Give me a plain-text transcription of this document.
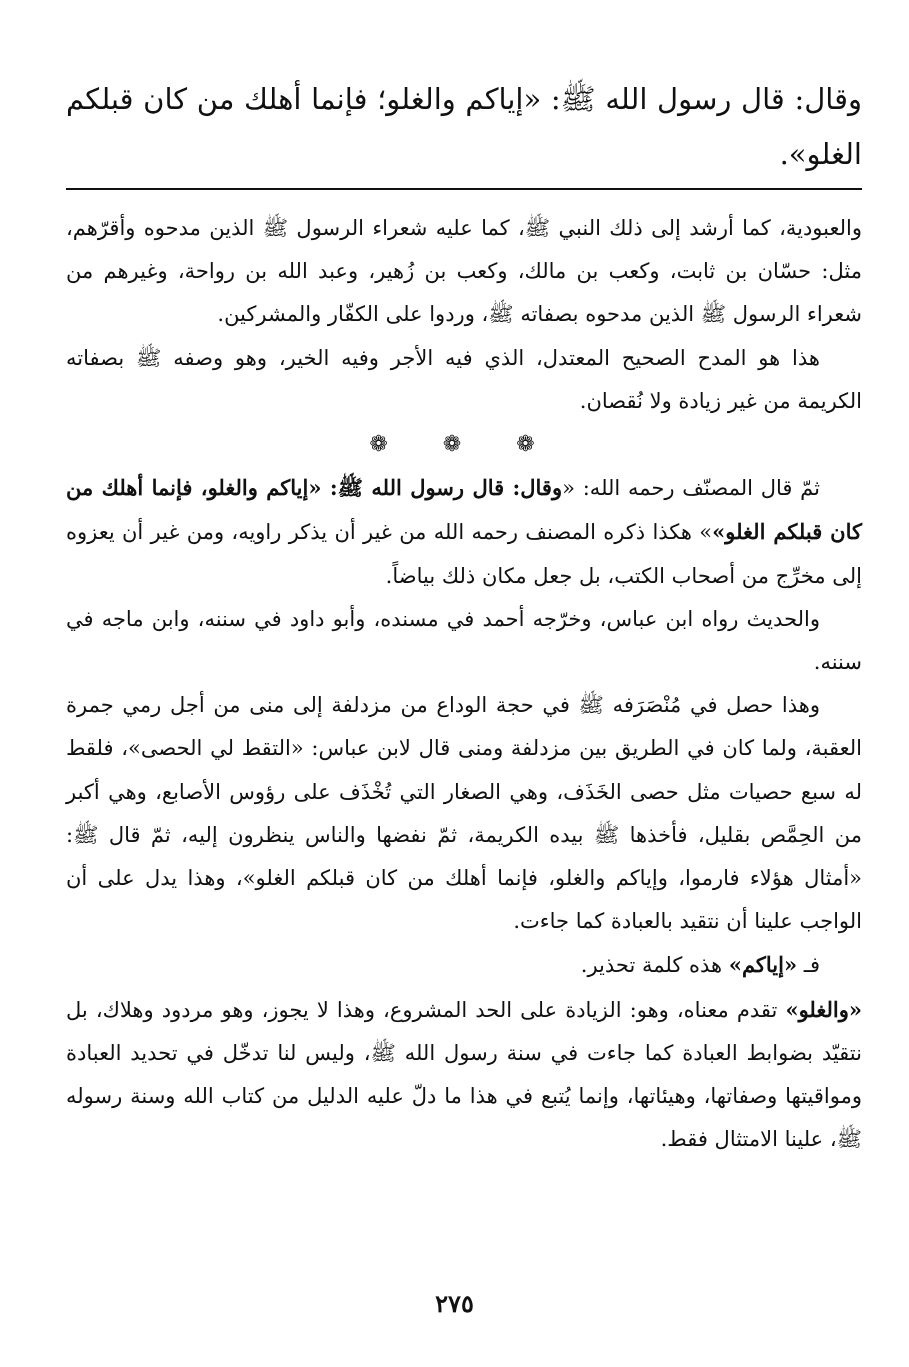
وقال: قال رسول الله ﷺ: «إياكم والغلو؛ فإنما أهلك من كان قبلكم الغلو».

والعبودية، كما أرشد إلى ذلك النبي ﷺ، كما عليه شعراء الرسول ﷺ الذين مدحوه وأقرّهم، مثل: حسّان بن ثابت، وكعب بن مالك، وكعب بن زُهير، وعبد الله بن رواحة، وغيرهم من شعراء الرسول ﷺ الذين مدحوه بصفاته ﷺ، وردوا على الكفّار والمشركين.

هذا هو المدح الصحيح المعتدل، الذي فيه الأجر وفيه الخير، وهو وصفه ﷺ بصفاته الكريمة من غير زيادة ولا نُقصان.

❁ ❁ ❁

ثمّ قال المصنّف رحمه الله: «وقال: قال رسول الله ﷺ: «إياكم والغلو، فإنما أهلك من كان قبلكم الغلو»» هكذا ذكره المصنف رحمه الله من غير أن يذكر راويه، ومن غير أن يعزوه إلى مخرِّج من أصحاب الكتب، بل جعل مكان ذلك بياضاً.

والحديث رواه ابن عباس، وخرّجه أحمد في مسنده، وأبو داود في سننه، وابن ماجه في سننه.

وهذا حصل في مُنْصَرَفه ﷺ في حجة الوداع من مزدلفة إلى منى من أجل رمي جمرة العقبة، ولما كان في الطريق بين مزدلفة ومنى قال لابن عباس: «التقط لي الحصى»، فلقط له سبع حصيات مثل حصى الخَذَف، وهي الصغار التي تُخْذَف على رؤوس الأصابع، وهي أكبر من الحِمَّص بقليل، فأخذها ﷺ بيده الكريمة، ثمّ نفضها والناس ينظرون إليه، ثمّ قال ﷺ: «أمثال هؤلاء فارموا، وإياكم والغلو، فإنما أهلك من كان قبلكم الغلو»، وهذا يدل على أن الواجب علينا أن نتقيد بالعبادة كما جاءت.

فـ «إياكم» هذه كلمة تحذير.

«والغلو» تقدم معناه، وهو: الزيادة على الحد المشروع، وهذا لا يجوز، وهو مردود وهلاك، بل نتقيّد بضوابط العبادة كما جاءت في سنة رسول الله ﷺ، وليس لنا تدخّل في تحديد العبادة ومواقيتها وصفاتها، وهيئاتها، وإنما يُتبع في هذا ما دلّ عليه الدليل من كتاب الله وسنة رسوله ﷺ، علينا الامتثال فقط.

٢٧٥
